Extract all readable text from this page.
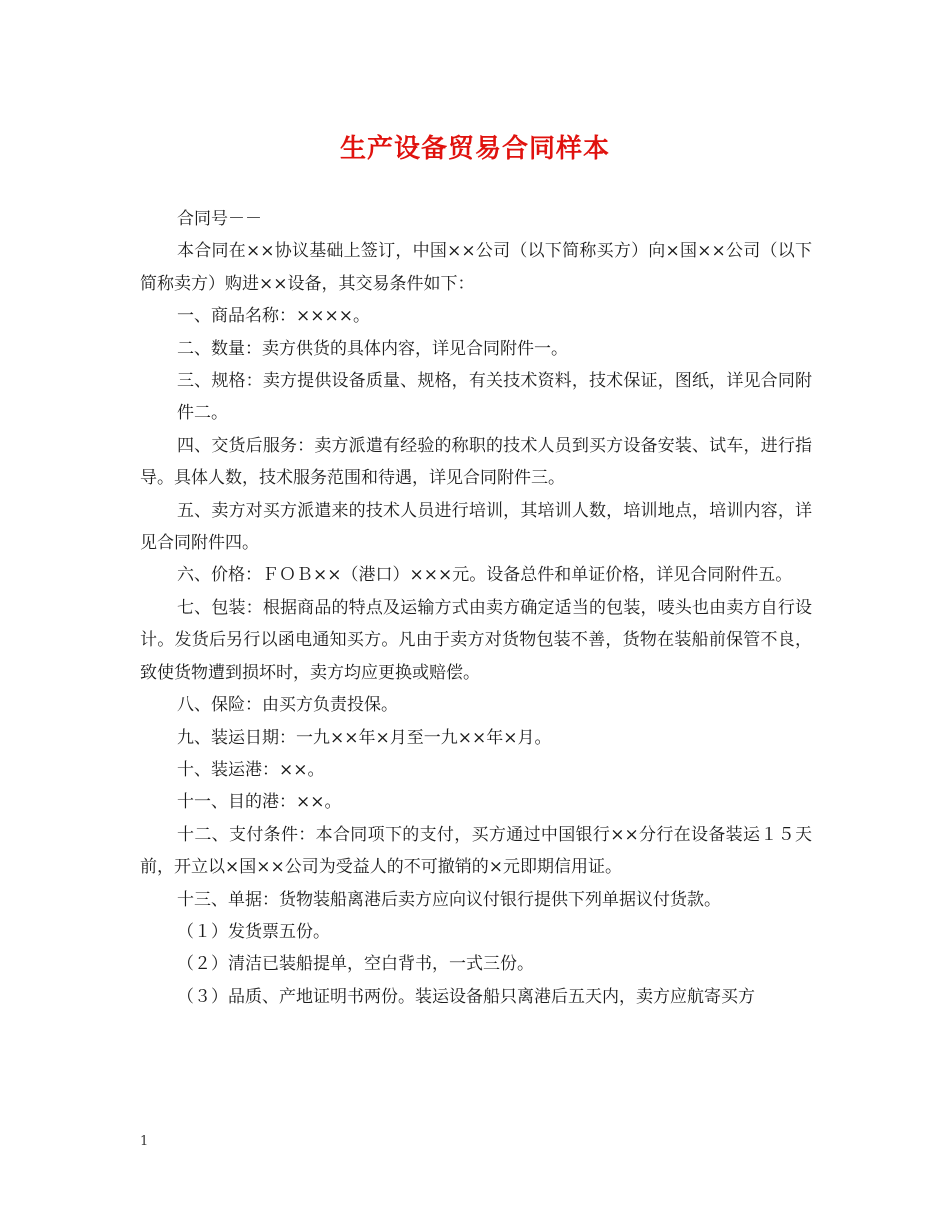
生产设备贸易合同样本

合同号－－

本合同在××协议基础上签订，中国××公司（以下简称买方）向×国××公司（以下简称卖方）购进××设备，其交易条件如下：

一、商品名称：××××。

二、数量：卖方供货的具体内容，详见合同附件一。

三、规格：卖方提供设备质量、规格，有关技术资料，技术保证，图纸，详见合同附件二。

四、交货后服务：卖方派遣有经验的称职的技术人员到买方设备安装、试车，进行指导。具体人数，技术服务范围和待遇，详见合同附件三。

五、卖方对买方派遣来的技术人员进行培训，其培训人数，培训地点，培训内容，详见合同附件四。

六、价格：ＦＯＢ××（港口）×××元。设备总件和单证价格，详见合同附件五。

七、包装：根据商品的特点及运输方式由卖方确定适当的包装，唛头也由卖方自行设计。发货后另行以函电通知买方。凡由于卖方对货物包装不善，货物在装船前保管不良，致使货物遭到损坏时，卖方均应更换或赔偿。

八、保险：由买方负责投保。

九、装运日期：一九××年×月至一九××年×月。

十、装运港：××。

十一、目的港：××。

十二、支付条件：本合同项下的支付，买方通过中国银行××分行在设备装运１５天前，开立以×国××公司为受益人的不可撤销的×元即期信用证。

十三、单据：货物装船离港后卖方应向议付银行提供下列单据议付货款。

（１）发货票五份。

（２）清洁已装船提单，空白背书，一式三份。

（３）品质、产地证明书两份。装运设备船只离港后五天内，卖方应航寄买方

1
